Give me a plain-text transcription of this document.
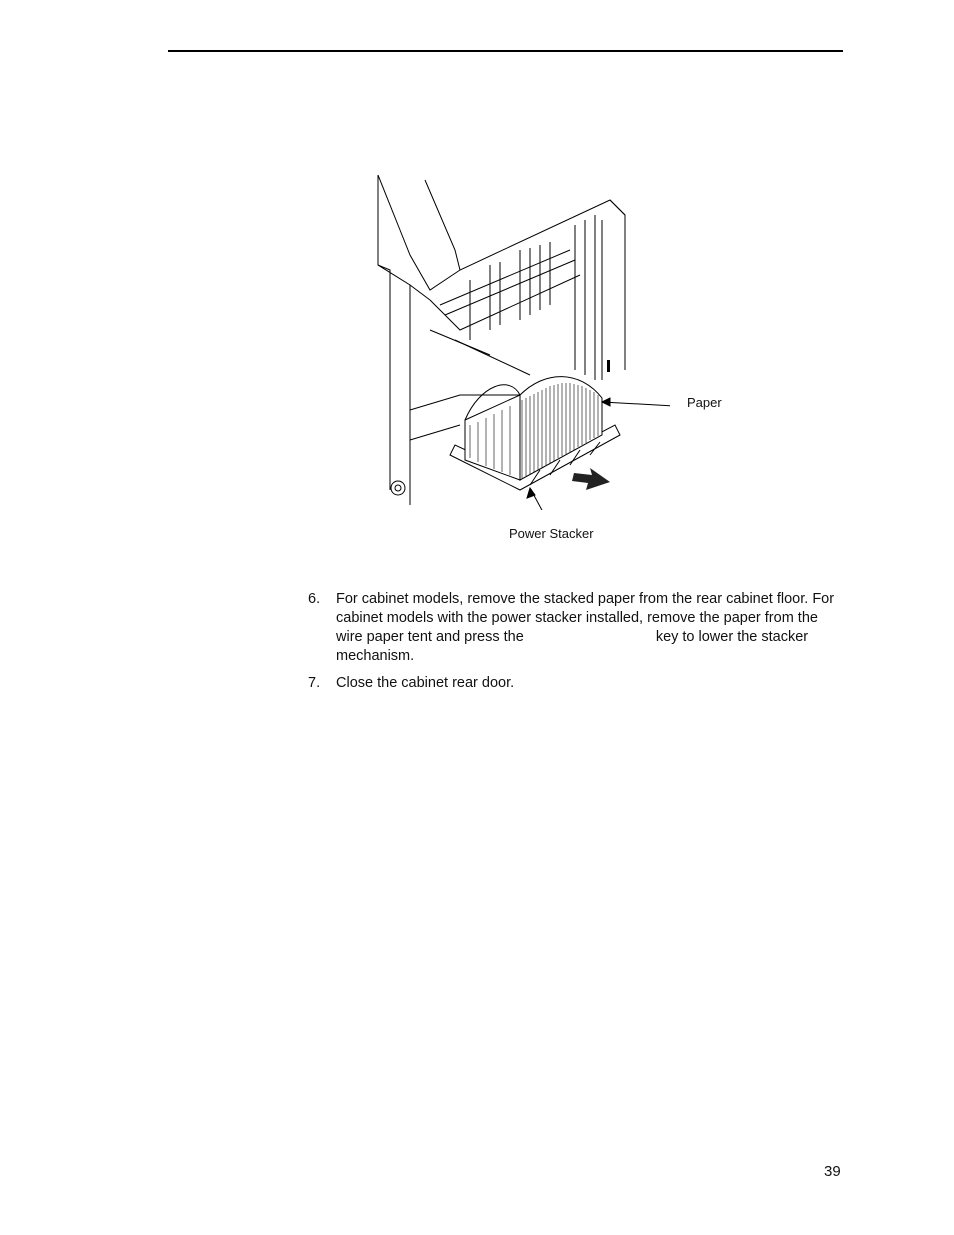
Paper
Power Stacker
6. For cabinet models, remove the stacked paper from the rear cabinet floor. For cabinet models with the power stacker installed, remove the paper from the wire paper tent and press the	key to lower the stacker mechanism.
7. Close the cabinet rear door.
39
